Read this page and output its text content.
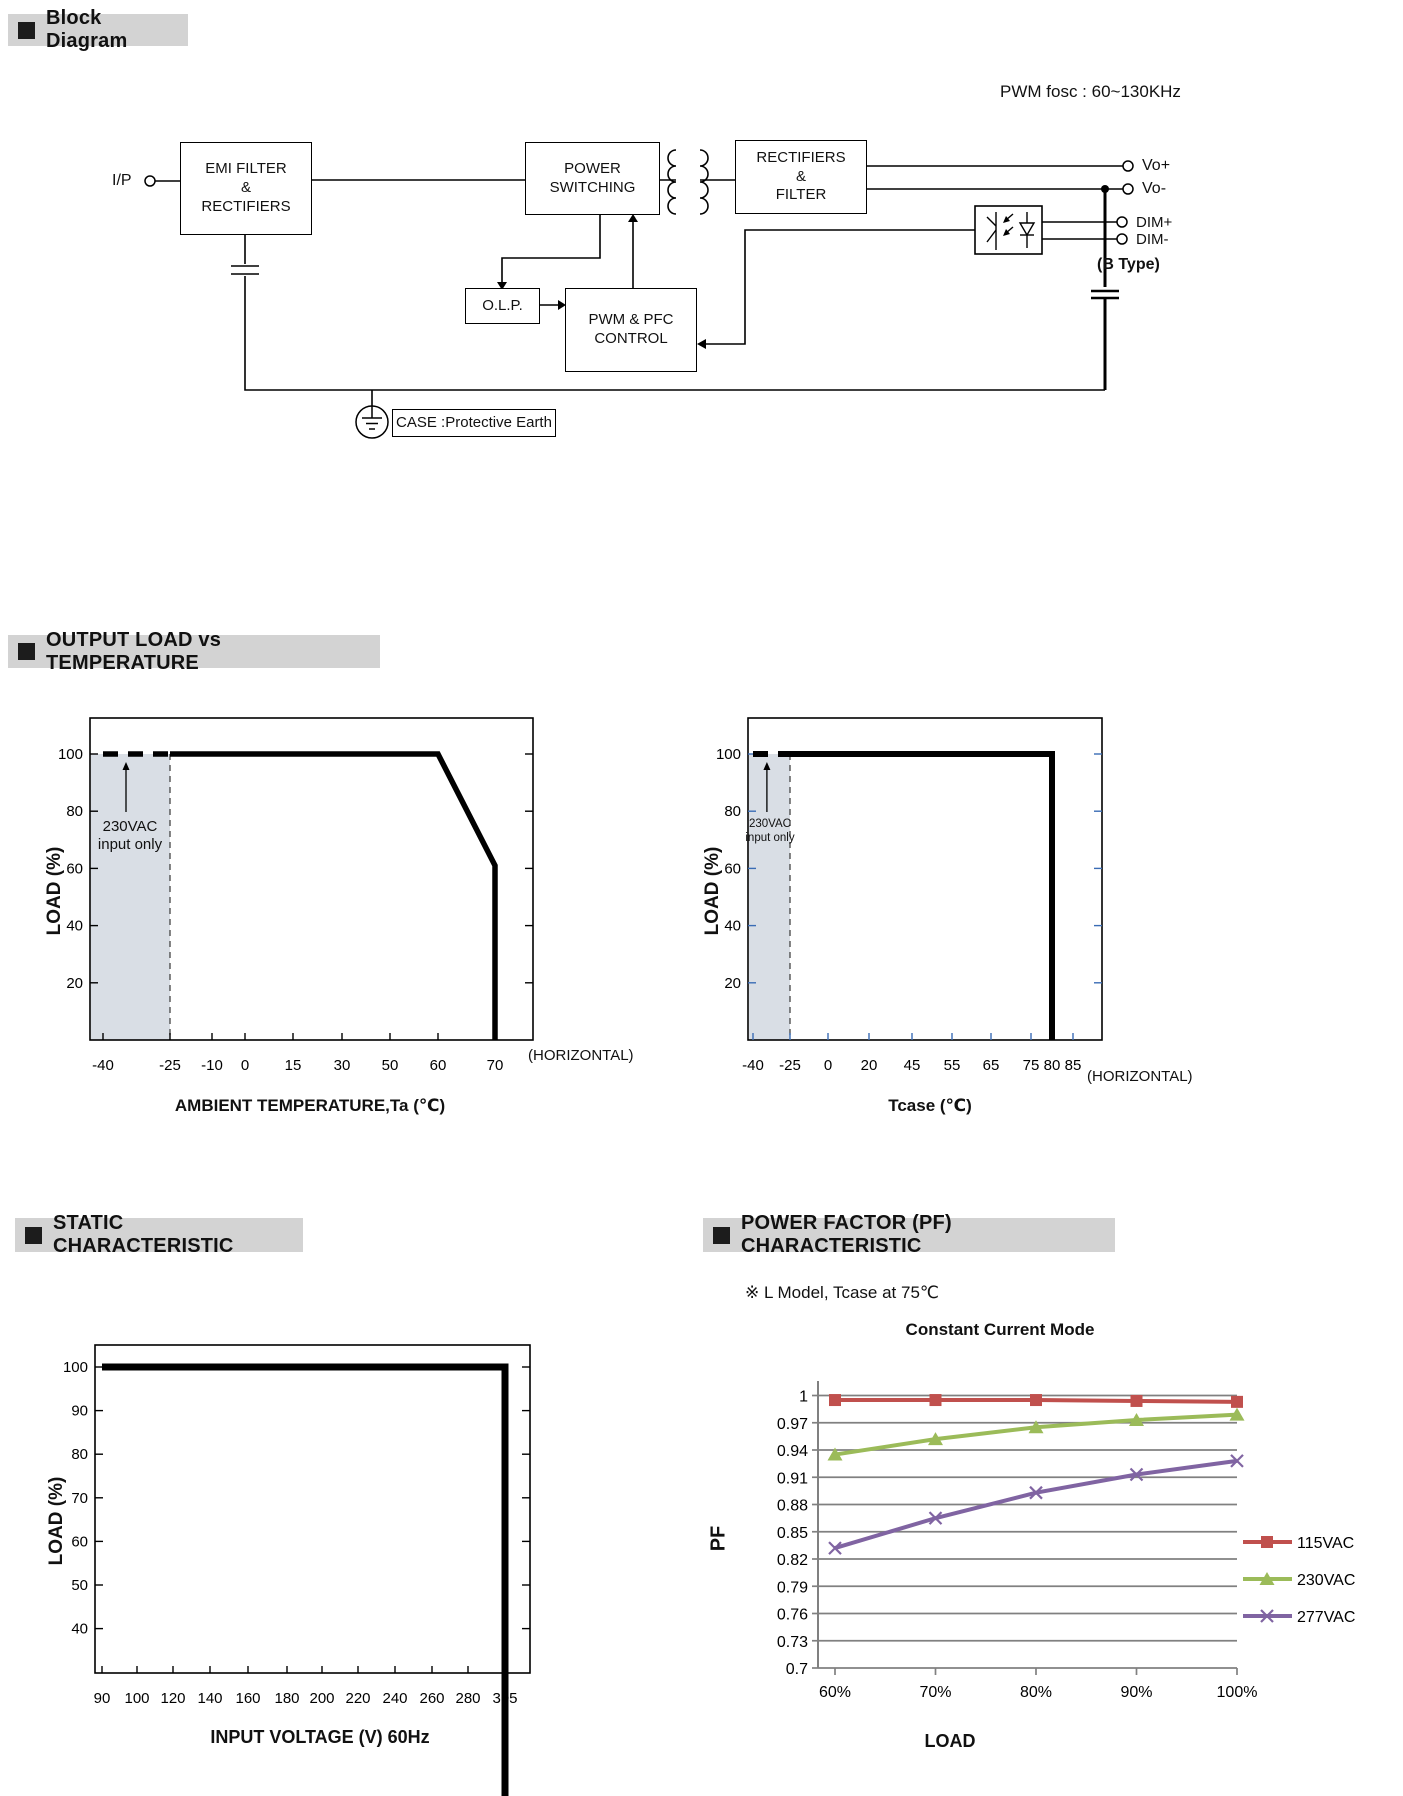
Block Diagram
OUTPUT LOAD vs TEMPERATURE
STATIC CHARACTERISTIC
POWER FACTOR (PF) CHARACTERISTIC
PWM fosc : 60~130KHz
I/P
EMI FILTER
&
RECTIFIERS
POWER
SWITCHING
RECTIFIERS
&
FILTER
O.L.P.
PWM & PFC
CONTROL
Vo+
Vo-
DIM+
DIM-
(B Type)
CASE :Protective Earth
100
80
60
40
20
-40	-25 -10 0 15 30 50 60	70
100
80
60
40
20
-40 -25 0 20 45 55 65 75 80 85
100
90
80
70
60
50
40
90 100 120 140 160 180 200 220 240 260 280 305
1
0.97
0.94
0.91
0.88
0.85
0.82
0.79
0.76
0.73
0.7
60%	70%	80%	90%	100%
115VAC
230VAC
277VAC
230VAC
input only
(HORIZONTAL)
LOAD (%)
AMBIENT TEMPERATURE,Ta (℃)
230VAC
input only
(HORIZONTAL)
LOAD (%)
Tcase (℃)
LOAD (%)
INPUT VOLTAGE (V) 60Hz
※ L Model, Tcase at 75℃
Constant Current Mode
PF
LOAD
